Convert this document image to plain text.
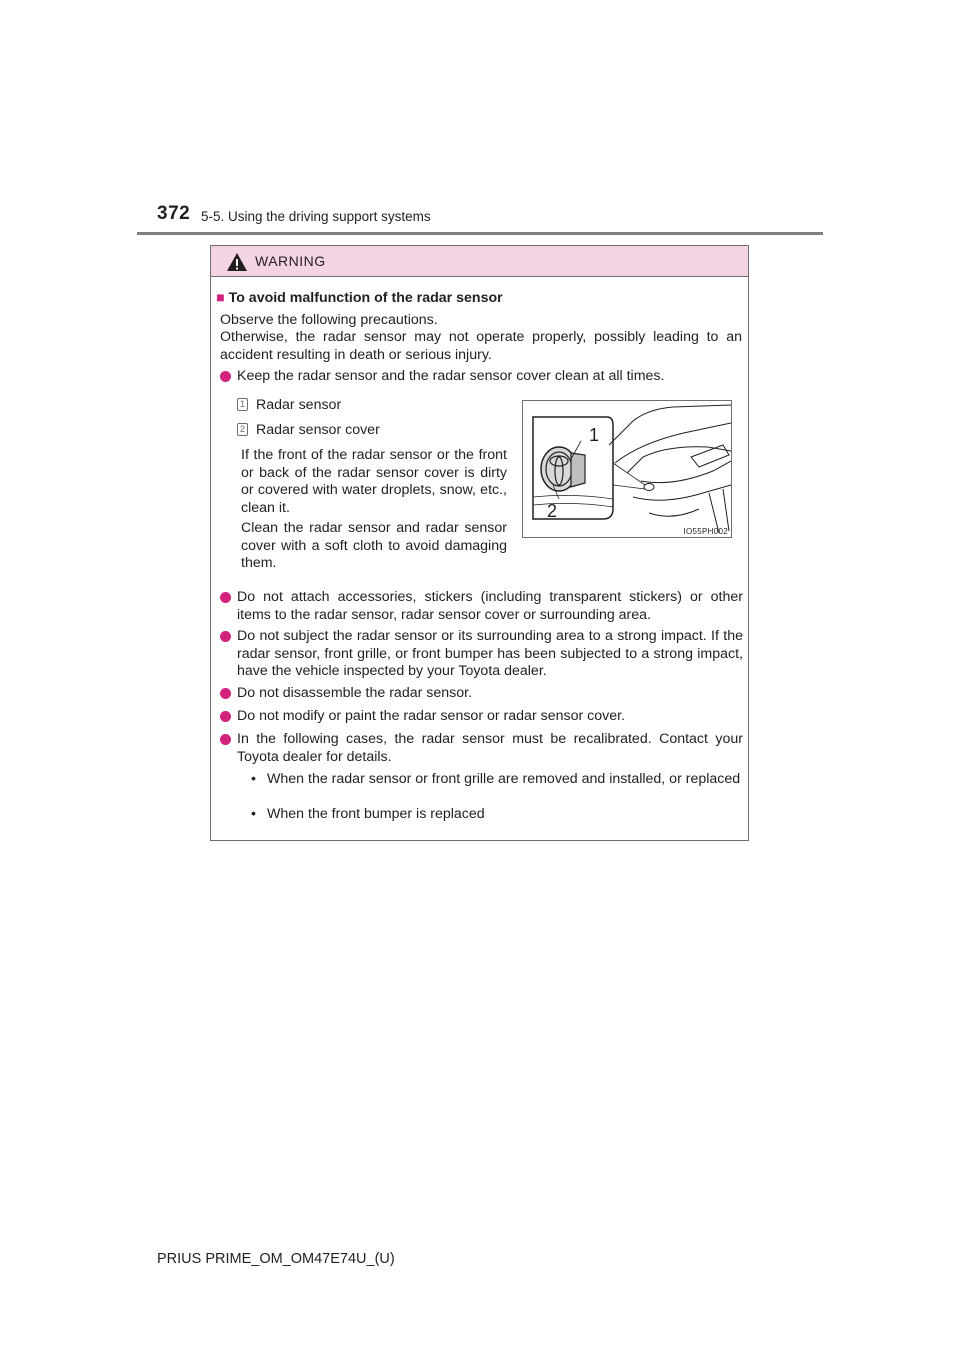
372 5-5. Using the driving support systems
WARNING
■ To avoid malfunction of the radar sensor
Observe the following precautions.
Otherwise, the radar sensor may not operate properly, possibly leading to an accident resulting in death or serious injury.
Keep the radar sensor and the radar sensor cover clean at all times.
1 Radar sensor
2 Radar sensor cover
If the front of the radar sensor or the front or back of the radar sensor cover is dirty or covered with water droplets, snow, etc., clean it.
Clean the radar sensor and radar sensor cover with a soft cloth to avoid damaging them.
1
2
IO55PH002
Do not attach accessories, stickers (including transparent stickers) or other items to the radar sensor, radar sensor cover or surrounding area.
Do not subject the radar sensor or its surrounding area to a strong impact. If the radar sensor, front grille, or front bumper has been subjected to a strong impact, have the vehicle inspected by your Toyota dealer.
Do not disassemble the radar sensor.
Do not modify or paint the radar sensor or radar sensor cover.
In the following cases, the radar sensor must be recalibrated. Contact your Toyota dealer for details.
• When the radar sensor or front grille are removed and installed, or replaced
• When the front bumper is replaced
PRIUS PRIME_OM_OM47E74U_(U)
